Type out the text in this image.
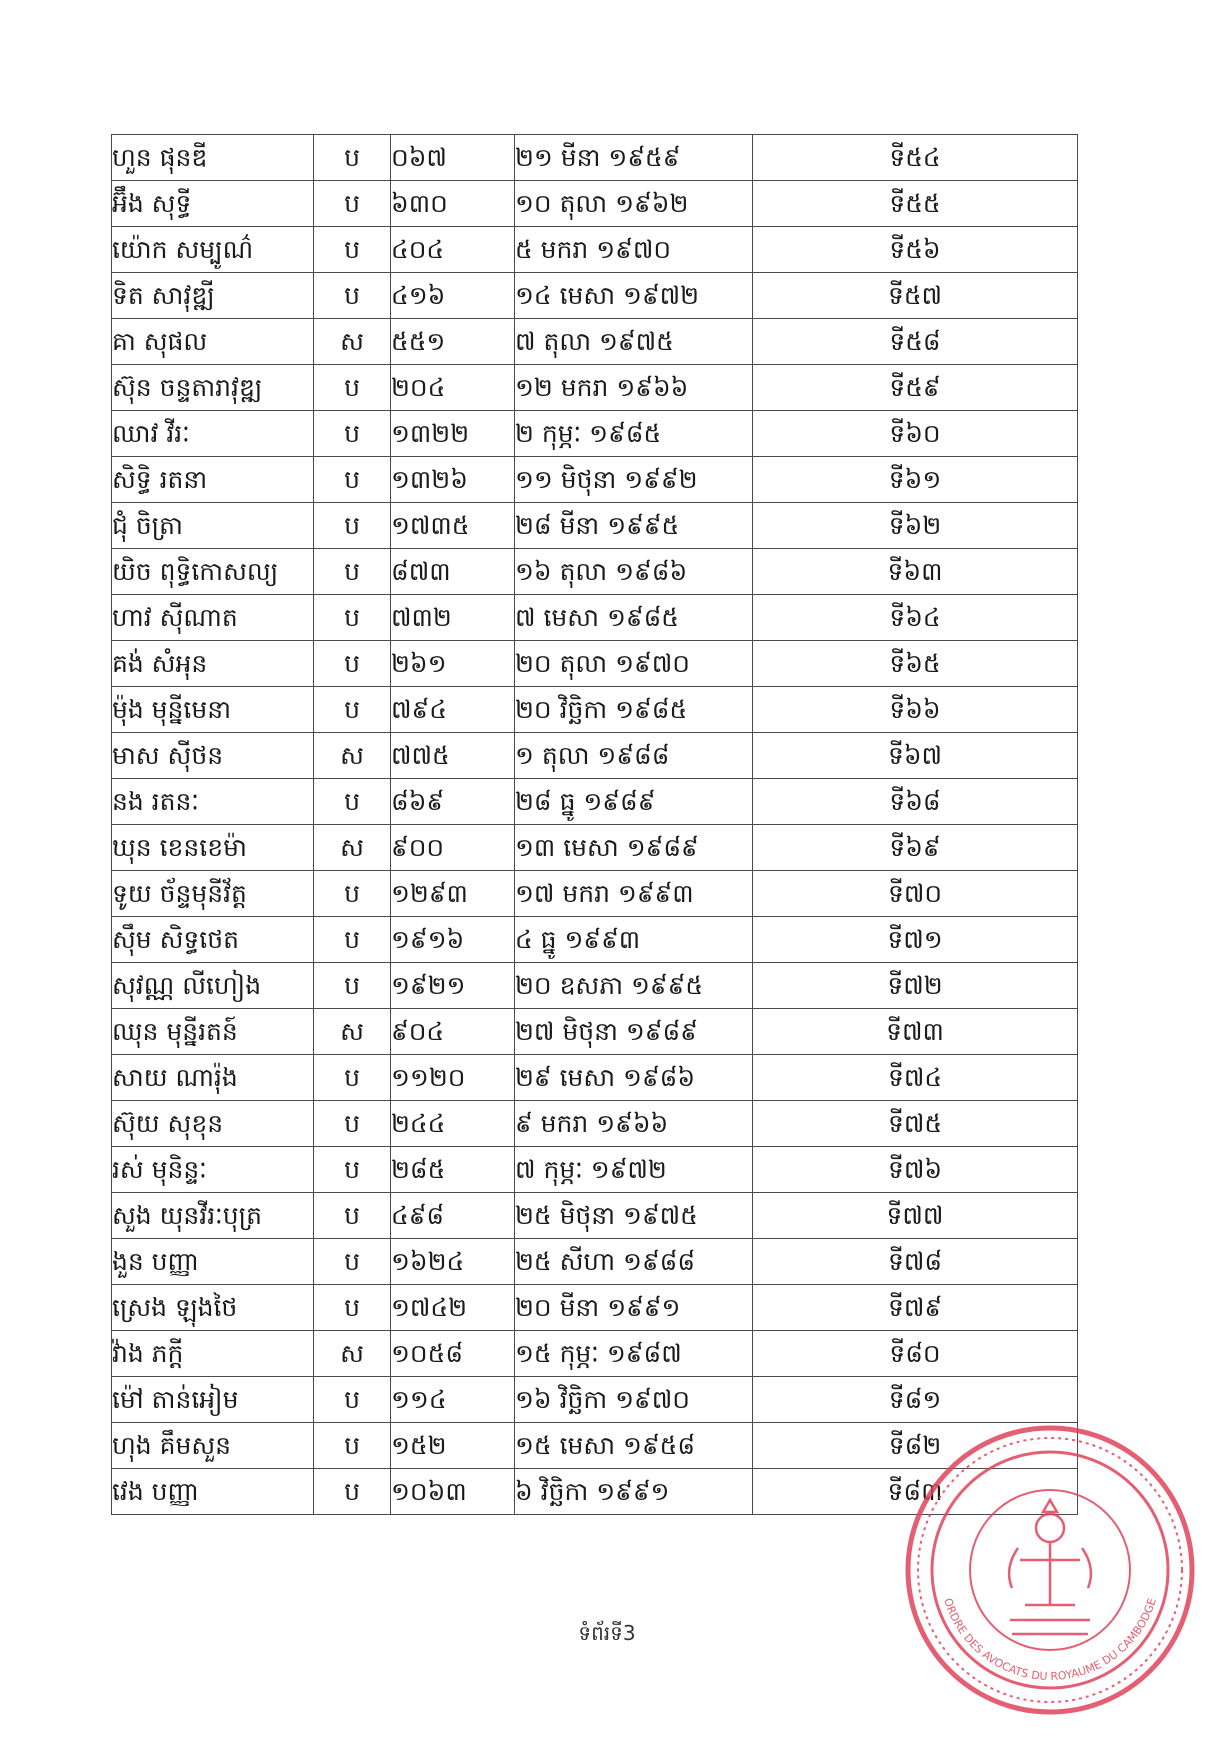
ហួន ផុនឌី	ប	០៦៧	២១ មីនា ១៩៥៩	ទី៥៤
អ៊ឹង សុទ្ធី	ប	៦៣០	១០ តុលា ១៩៦២	ទី៥៥
យ៉ោក សម្បូណ៌	ប	៤០៤	៥ មករា ១៩៧០	ទី៥៦
ទិត សាវុឌ្ឍី	ប	៤១៦	១៤ មេសា ១៩៧២	ទី៥៧
គា សុផល	ស	៥៥១	៧ តុលា ១៩៧៥	ទី៥៨
ស៊ុន ចន្ទតារាវុឌ្ឍ	ប	២០៤	១២ មករា ១៩៦៦	ទី៥៩
ឈាវ វីរៈ	ប	១៣២២	២ កុម្ភៈ ១៩៨៥	ទី៦០
សិទ្ធិ រតនា	ប	១៣២៦	១១ មិថុនា ១៩៩២	ទី៦១
ជុំ ចិត្រា	ប	១៧៣៥	២៨ មីនា ១៩៩៥	ទី៦២
យិច ពុទ្ធិកោសល្យ	ប	៨៧៣	១៦ តុលា ១៩៨៦	ទី៦៣
ហាវ ស៊ីណាត	ប	៧៣២	៧ មេសា ១៩៨៥	ទី៦៤
គង់ សំអុន	ប	២៦១	២០ តុលា ១៩៧០	ទី៦៥
ម៉ុង មុន្នីមេនា	ប	៧៩៤	២០ វិច្ឆិកា ១៩៨៥	ទី៦៦
មាស ស៊ីថន	ស	៧៧៥	១ តុលា ១៩៨៨	ទី៦៧
នង រតនៈ	ប	៨៦៩	២៨ ធ្នូ ១៩៨៩	ទី៦៨
ឃុន ខេនខេម៉ា	ស	៩០០	១៣ មេសា ១៩៨៩	ទី៦៩
ទូយ ច័ន្ទមុនីវ័ត្ត	ប	១២៩៣	១៧ មករា ១៩៩៣	ទី៧០
ស៊ឹម សិទ្ធថេត	ប	១៩១៦	៤ ធ្នូ ១៩៩៣	ទី៧១
សុវណ្ណ លីហៀង	ប	១៩២១	២០ ឧសភា ១៩៩៥	ទី៧២
ឈុន មុន្នីរតន៍	ស	៩០៤	២៧ មិថុនា ១៩៨៩	ទី៧៣
សាយ ណារ៉ុង	ប	១១២០	២៩ មេសា ១៩៨៦	ទី៧៤
ស៊ុយ សុខុន	ប	២៤៤	៩ មករា ១៩៦៦	ទី៧៥
រស់ មុនិន្ទៈ	ប	២៨៥	៧ កុម្ភៈ ១៩៧២	ទី៧៦
សួង យុនវីរៈបុត្រ	ប	៤៩៨	២៥ មិថុនា ១៩៧៥	ទី៧៧
ងួន បញ្ញា	ប	១៦២៤	២៥ សីហា ១៩៨៨	ទី៧៨
ស្រេង ឡុងថៃ	ប	១៧៤២	២០ មីនា ១៩៩១	ទី៧៩
វ៉ាង ភក្តី	ស	១០៥៨	១៥ កុម្ភៈ ១៩៨៧	ទី៨០
ម៉ៅ តាន់អៀម	ប	១១៤	១៦ វិច្ឆិកា ១៩៧០	ទី៨១
ហុង គឹមសួន	ប	១៥២	១៥ មេសា ១៩៥៨	ទី៨២
វេង បញ្ញា	ប	១០៦៣	៦ វិច្ឆិកា ១៩៩១	ទី៨៣
ទំព័រទី3
ORDRE DES AVOCATS DU ROYAUME DU CAMBODGE
